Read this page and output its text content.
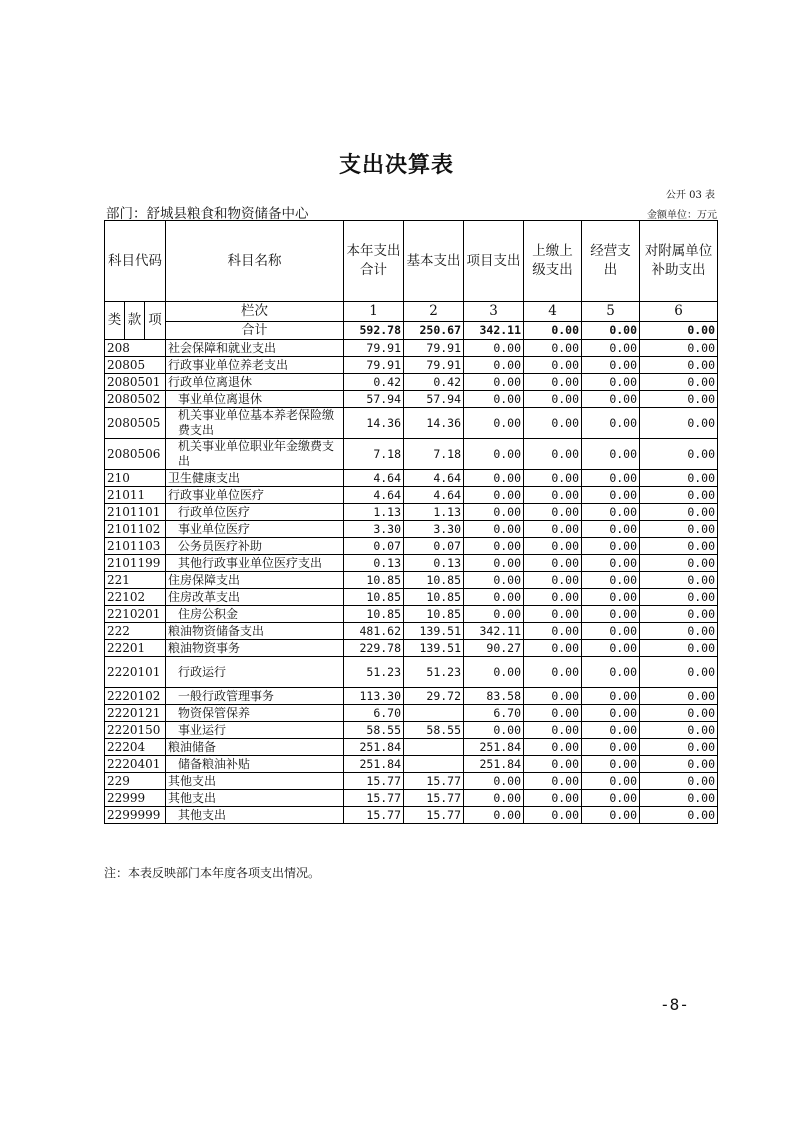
支出决算表
公开 03 表
部门：舒城县粮食和物资储备中心	金额单位：万元
科目代码			科目名称	本年支出合计	基本支出	项目支出	上缴上级支出	经营支出	对附属单位补助支出
类	款	项	栏次	1	2	3	4	5	6
			合计	592.78	250.67	342.11	0.00	0.00	0.00
208			社会保障和就业支出	79.91	79.91	0.00	0.00	0.00	0.00
20805			行政事业单位养老支出	79.91	79.91	0.00	0.00	0.00	0.00
2080501			行政单位离退休	0.42	0.42	0.00	0.00	0.00	0.00
2080502			事业单位离退休	57.94	57.94	0.00	0.00	0.00	0.00
2080505			机关事业单位基本养老保险缴费支出	14.36	14.36	0.00	0.00	0.00	0.00
2080506			机关事业单位职业年金缴费支出	7.18	7.18	0.00	0.00	0.00	0.00
210			卫生健康支出	4.64	4.64	0.00	0.00	0.00	0.00
21011			行政事业单位医疗	4.64	4.64	0.00	0.00	0.00	0.00
2101101			行政单位医疗	1.13	1.13	0.00	0.00	0.00	0.00
2101102			事业单位医疗	3.30	3.30	0.00	0.00	0.00	0.00
2101103			公务员医疗补助	0.07	0.07	0.00	0.00	0.00	0.00
2101199			其他行政事业单位医疗支出	0.13	0.13	0.00	0.00	0.00	0.00
221			住房保障支出	10.85	10.85	0.00	0.00	0.00	0.00
22102			住房改革支出	10.85	10.85	0.00	0.00	0.00	0.00
2210201			住房公积金	10.85	10.85	0.00	0.00	0.00	0.00
222			粮油物资储备支出	481.62	139.51	342.11	0.00	0.00	0.00
22201			粮油物资事务	229.78	139.51	90.27	0.00	0.00	0.00
2220101			行政运行	51.23	51.23	0.00	0.00	0.00	0.00
2220102			一般行政管理事务	113.30	29.72	83.58	0.00	0.00	0.00
2220121			物资保管保养	6.70		6.70	0.00	0.00	0.00
2220150			事业运行	58.55	58.55	0.00	0.00	0.00	0.00
22204			粮油储备	251.84		251.84	0.00	0.00	0.00
2220401			储备粮油补贴	251.84		251.84	0.00	0.00	0.00
229			其他支出	15.77	15.77	0.00	0.00	0.00	0.00
22999			其他支出	15.77	15.77	0.00	0.00	0.00	0.00
2299999			其他支出	15.77	15.77	0.00	0.00	0.00	0.00
注：本表反映部门本年度各项支出情况。
-8-
